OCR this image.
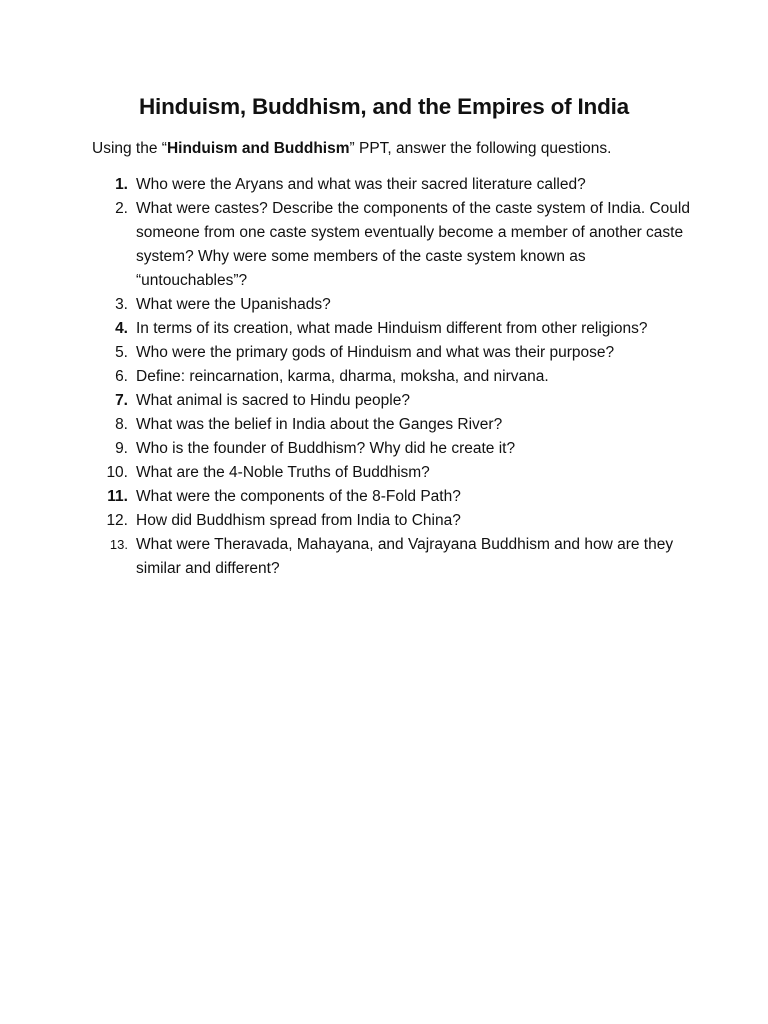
Hinduism, Buddhism, and the Empires of India

Using the “Hinduism and Buddhism” PPT, answer the following questions.

1. Who were the Aryans and what was their sacred literature called?
2. What were castes? Describe the components of the caste system of India. Could someone from one caste system eventually become a member of another caste system? Why were some members of the caste system known as “untouchables”?
3. What were the Upanishads?
4. In terms of its creation, what made Hinduism different from other religions?
5. Who were the primary gods of Hinduism and what was their purpose?
6. Define: reincarnation, karma, dharma, moksha, and nirvana.
7. What animal is sacred to Hindu people?
8. What was the belief in India about the Ganges River?
9. Who is the founder of Buddhism? Why did he create it?
10. What are the 4-Noble Truths of Buddhism?
11. What were the components of the 8-Fold Path?
12. How did Buddhism spread from India to China?
13. What were Theravada, Mahayana, and Vajrayana Buddhism and how are they similar and different?
